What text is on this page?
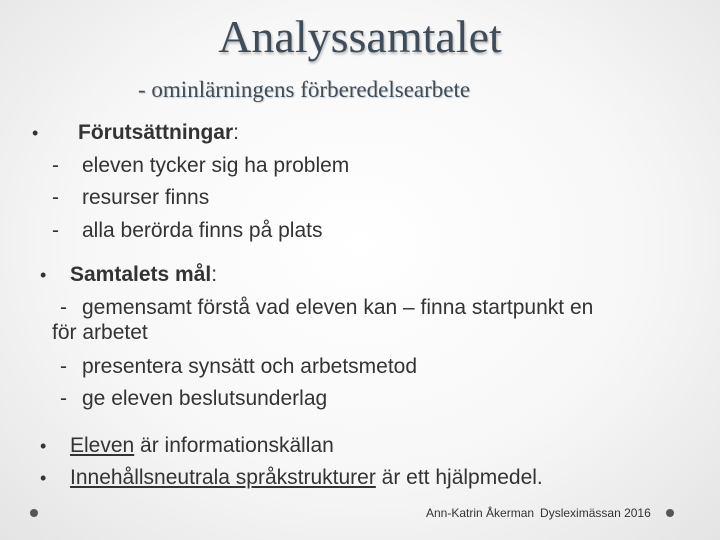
Analyssamtalet
- ominlärningens förberedelsearbete
• Förutsättningar:
- eleven tycker sig ha problem
- resurser finns
- alla berörda finns på plats
• Samtalets mål:
- gemensamt förstå vad eleven kan – finna startpunkt en
för arbetet
- presentera synsätt och arbetsmetod
- ge eleven beslutsunderlag
• Eleven är informationskällan
• Innehållsneutrala språkstrukturer är ett hjälpmedel.
Ann-Katrin Åkerman Dysleximässan 2016
